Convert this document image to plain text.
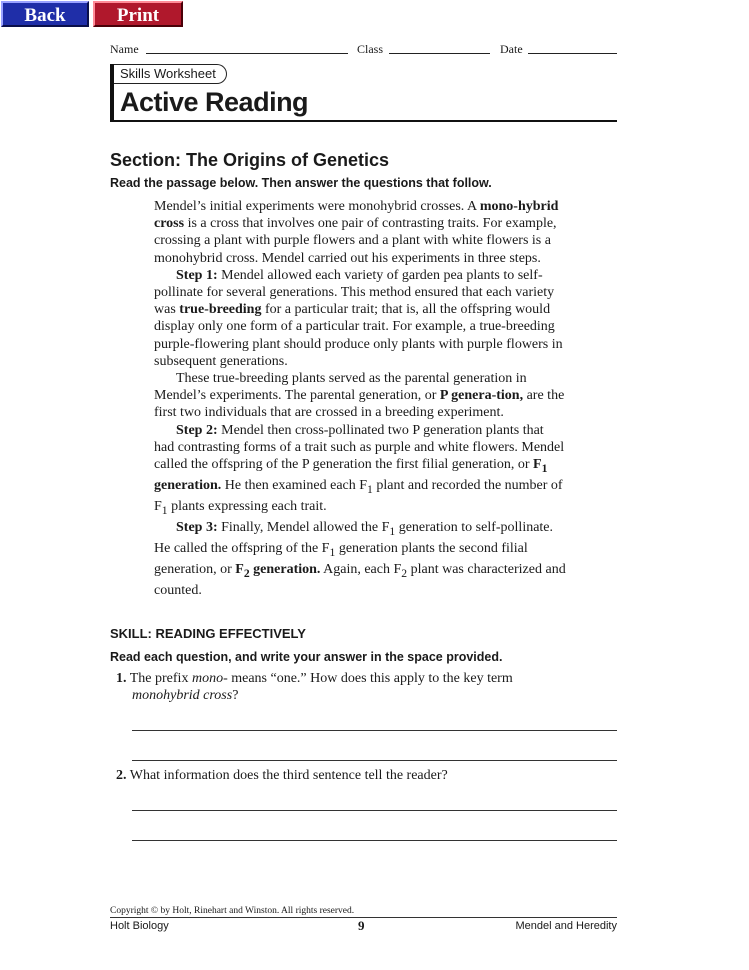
Back	Print
Name	Class	Date
Skills Worksheet
Active Reading
Section: The Origins of Genetics
Read the passage below. Then answer the questions that follow.

Mendel’s initial experiments were monohybrid crosses. A mono-hybrid cross is a cross that involves one pair of contrasting traits. For example, crossing a plant with purple flowers and a plant with white flowers is a monohybrid cross. Mendel carried out his experiments in three steps.

Step 1: Mendel allowed each variety of garden pea plants to self-pollinate for several generations. This method ensured that each variety was true-breeding for a particular trait; that is, all the offspring would display only one form of a particular trait. For example, a true-breeding purple-flowering plant should produce only plants with purple flowers in subsequent generations.

These true-breeding plants served as the parental generation in Mendel’s experiments. The parental generation, or P genera-tion, are the first two individuals that are crossed in a breeding experiment.

Step 2: Mendel then cross-pollinated two P generation plants that had contrasting forms of a trait such as purple and white flowers. Mendel called the offspring of the P generation the first filial generation, or $F_1$ generation. He then examined each $F_1$ plant and recorded the number of $F_1$ plants expressing each trait.

Step 3: Finally, Mendel allowed the $F_1$ generation to self-pollinate. He called the offspring of the $F_1$ generation plants the second filial generation, or $F_2$ generation. Again, each $F_2$ plant was characterized and counted.

SKILL: READING EFFECTIVELY
Read each question, and write your answer in the space provided.
1. The prefix mono- means “one.” How does this apply to the key term
monohybrid cross?
2. What information does the third sentence tell the reader?
Copyright © by Holt, Rinehart and Winston. All rights reserved.
Holt Biology	9	Mendel and Heredity
